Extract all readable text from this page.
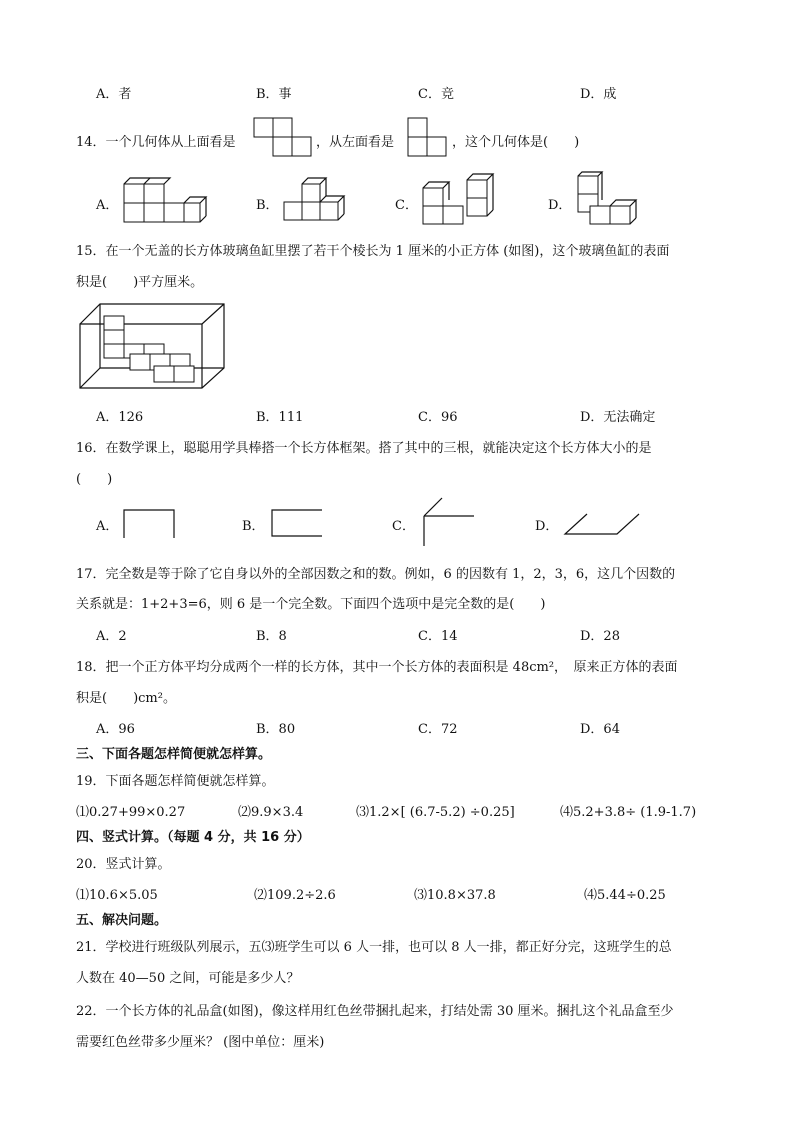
A．者	B．事	C．竞	D．成
14．一个几何体从上面看是	，从左面看是	，这个几何体是(　　)
A．	B．	C．	D．
15．在一个无盖的长方体玻璃鱼缸里摆了若干个棱长为 1 厘米的小正方体 (如图)，这个玻璃鱼缸的表面
积是(　　)平方厘米。
A．126	B．111	C．96	D．无法确定
16．在数学课上，聪聪用学具棒搭一个长方体框架。搭了其中的三根，就能决定这个长方体大小的是
(　　)
A．	B．	C．	D．
17．完全数是等于除了它自身以外的全部因数之和的数。例如，6 的因数有 1，2，3，6，这几个因数的
关系就是：1+2+3=6，则 6 是一个完全数。下面四个选项中是完全数的是(　　)
A．2	B．8	C．14	D．28
18．把一个正方体平均分成两个一样的长方体，其中一个长方体的表面积是 48cm²，　原来正方体的表面
积是(　　)cm²。
A．96	B．80	C．72	D．64
三、下面各题怎样简便就怎样算。
19．下面各题怎样简便就怎样算。
⑴0.27+99×0.27	⑵9.9×3.4	⑶1.2×[ (6.7-5.2) ÷0.25]	⑷5.2+3.8÷ (1.9-1.7)
四、竖式计算。（每题 4 分，共 16 分）
20．竖式计算。
⑴10.6×5.05	⑵109.2÷2.6	⑶10.8×37.8	⑷5.44÷0.25
五、解决问题。
21．学校进行班级队列展示，五⑶班学生可以 6 人一排，也可以 8 人一排，都正好分完，这班学生的总
人数在 40—50 之间，可能是多少人？
22．一个长方体的礼品盒(如图)，像这样用红色丝带捆扎起来，打结处需 30 厘米。捆扎这个礼品盒至少
需要红色丝带多少厘米？ (图中单位：厘米)
